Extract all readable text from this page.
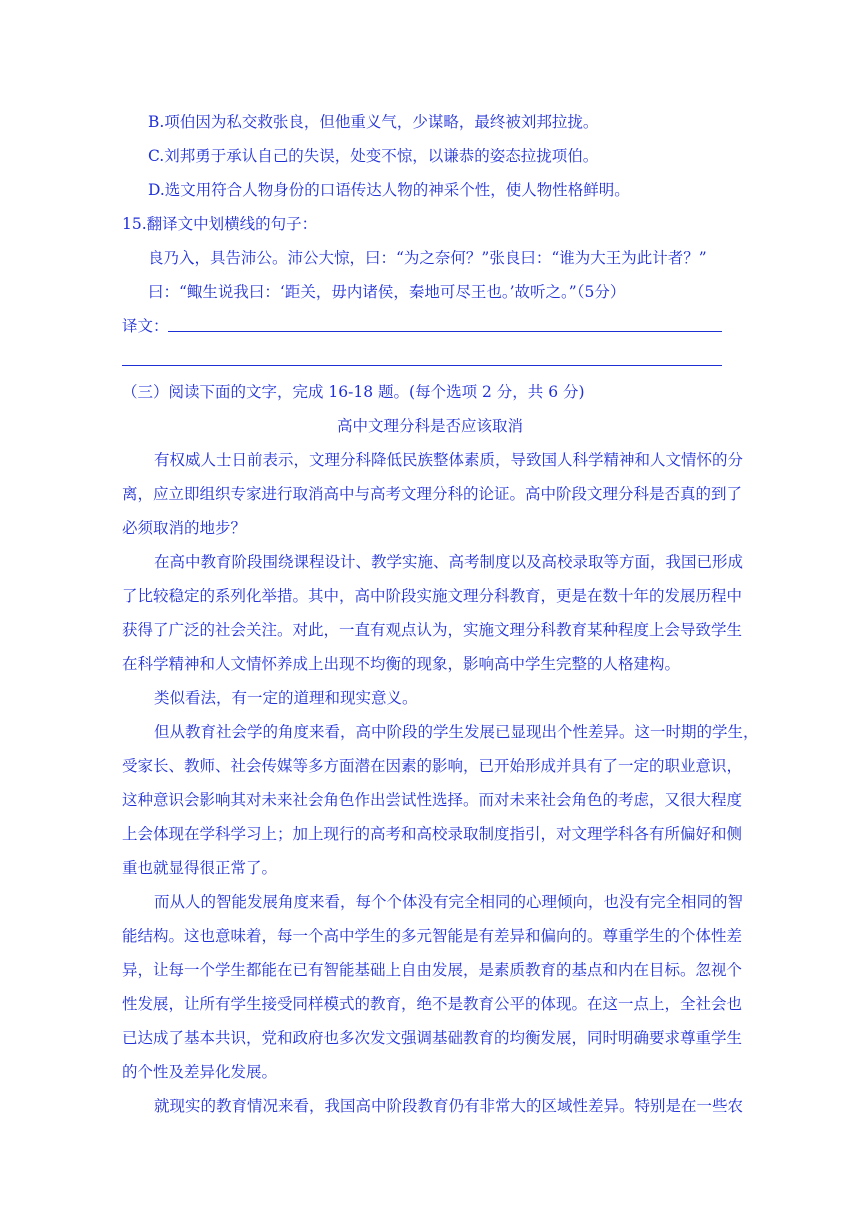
B.项伯因为私交救张良，但他重义气，少谋略，最终被刘邦拉拢。
C.刘邦勇于承认自己的失误，处变不惊，以谦恭的姿态拉拢项伯。
D.选文用符合人物身份的口语传达人物的神采个性，使人物性格鲜明。
15.翻译文中划横线的句子：
良乃入，具告沛公。沛公大惊，曰：“为之奈何？”张良曰：“谁为大王为此计者？”
曰：“鲰生说我曰：‘距关，毋内诸侯，秦地可尽王也。’故听之。”（5分）
译文：
（三）阅读下面的文字，完成 16-18 题。(每个选项 2 分，共 6 分)
高中文理分科是否应该取消
有权威人士日前表示，文理分科降低民族整体素质，导致国人科学精神和人文情怀的分
离，应立即组织专家进行取消高中与高考文理分科的论证。高中阶段文理分科是否真的到了
必须取消的地步？
在高中教育阶段围绕课程设计、教学实施、高考制度以及高校录取等方面，我国已形成
了比较稳定的系列化举措。其中，高中阶段实施文理分科教育，更是在数十年的发展历程中
获得了广泛的社会关注。对此，一直有观点认为，实施文理分科教育某种程度上会导致学生
在科学精神和人文情怀养成上出现不均衡的现象，影响高中学生完整的人格建构。
类似看法，有一定的道理和现实意义。
但从教育社会学的角度来看，高中阶段的学生发展已显现出个性差异。这一时期的学生，
受家长、教师、社会传媒等多方面潜在因素的影响，已开始形成并具有了一定的职业意识，
这种意识会影响其对未来社会角色作出尝试性选择。而对未来社会角色的考虑，又很大程度
上会体现在学科学习上；加上现行的高考和高校录取制度指引，对文理学科各有所偏好和侧
重也就显得很正常了。
而从人的智能发展角度来看，每个个体没有完全相同的心理倾向，也没有完全相同的智
能结构。这也意味着，每一个高中学生的多元智能是有差异和偏向的。尊重学生的个体性差
异，让每一个学生都能在已有智能基础上自由发展，是素质教育的基点和内在目标。忽视个
性发展，让所有学生接受同样模式的教育，绝不是教育公平的体现。在这一点上，全社会也
已达成了基本共识，党和政府也多次发文强调基础教育的均衡发展，同时明确要求尊重学生
的个性及差异化发展。
就现实的教育情况来看，我国高中阶段教育仍有非常大的区域性差异。特别是在一些农
